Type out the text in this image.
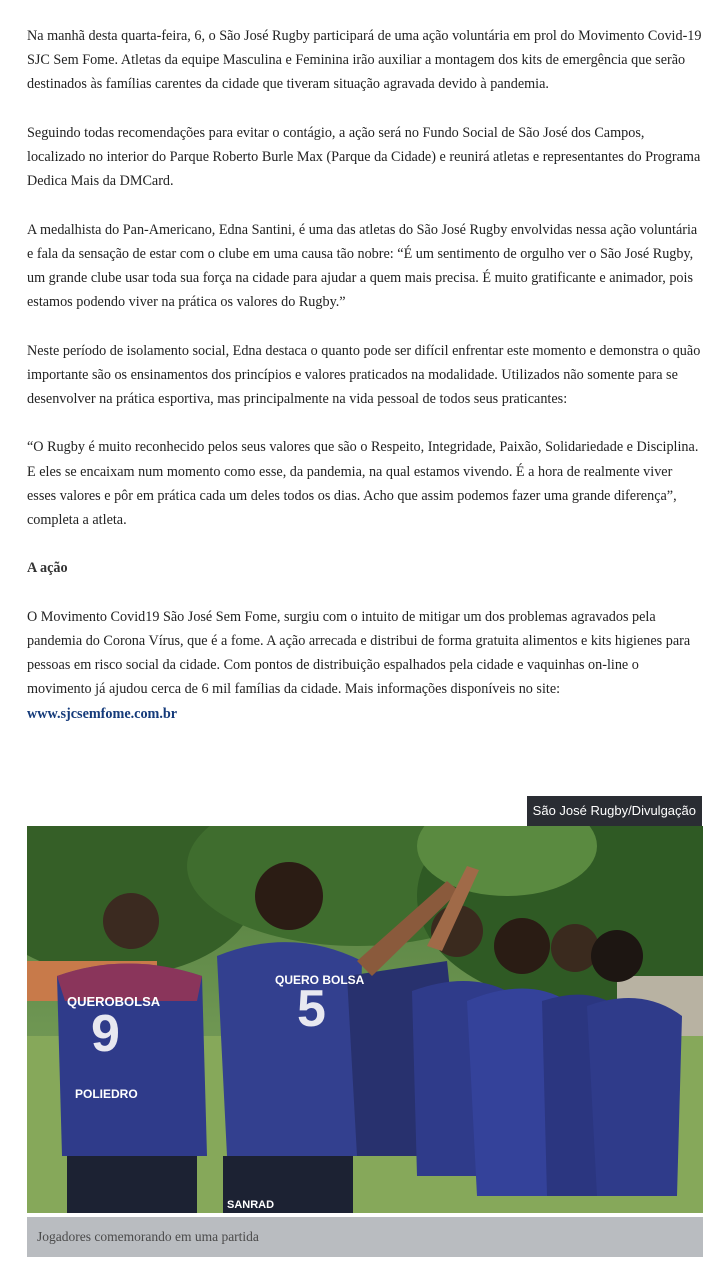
Na manhã desta quarta-feira, 6, o São José Rugby participará de uma ação voluntária em prol do Movimento Covid-19 SJC Sem Fome. Atletas da equipe Masculina e Feminina irão auxiliar a montagem dos kits de emergência que serão destinados às famílias carentes da cidade que tiveram situação agravada devido à pandemia.

Seguindo todas recomendações para evitar o contágio, a ação será no Fundo Social de São José dos Campos, localizado no interior do Parque Roberto Burle Max (Parque da Cidade) e reunirá atletas e representantes do Programa Dedica Mais da DMCard.

A medalhista do Pan-Americano, Edna Santini, é uma das atletas do São José Rugby envolvidas nessa ação voluntária e fala da sensação de estar com o clube em uma causa tão nobre: “É um sentimento de orgulho ver o São José Rugby, um grande clube usar toda sua força na cidade para ajudar a quem mais precisa. É muito gratificante e animador, pois estamos podendo viver na prática os valores do Rugby.”

Neste período de isolamento social, Edna destaca o quanto pode ser difícil enfrentar este momento e demonstra o quão importante são os ensinamentos dos princípios e valores praticados na modalidade. Utilizados não somente para se desenvolver na prática esportiva, mas principalmente na vida pessoal de todos seus praticantes:

“O Rugby é muito reconhecido pelos seus valores que são o Respeito, Integridade, Paixão, Solidariedade e Disciplina. E eles se encaixam num momento como esse, da pandemia, na qual estamos vivendo. É a hora de realmente viver esses valores e pôr em prática cada um deles todos os dias. Acho que assim podemos fazer uma grande diferença”, completa a atleta.

A ação

O Movimento Covid19 São José Sem Fome, surgiu com o intuito de mitigar um dos problemas agravados pela pandemia do Corona Vírus, que é a fome. A ação arrecada e distribui de forma gratuita alimentos e kits higienes para pessoas em risco social da cidade. Com pontos de distribuição espalhados pela cidade e vaquinhas on-line o movimento já ajudou cerca de 6 mil famílias da cidade. Mais informações disponíveis no site:
www.sjcsemfome.com.br

São José Rugby/Divulgação
9	5
QUEROBOLSA
QUERO BOLSA
POLIEDRO
SANRAD
Jogadores comemorando em uma partida
